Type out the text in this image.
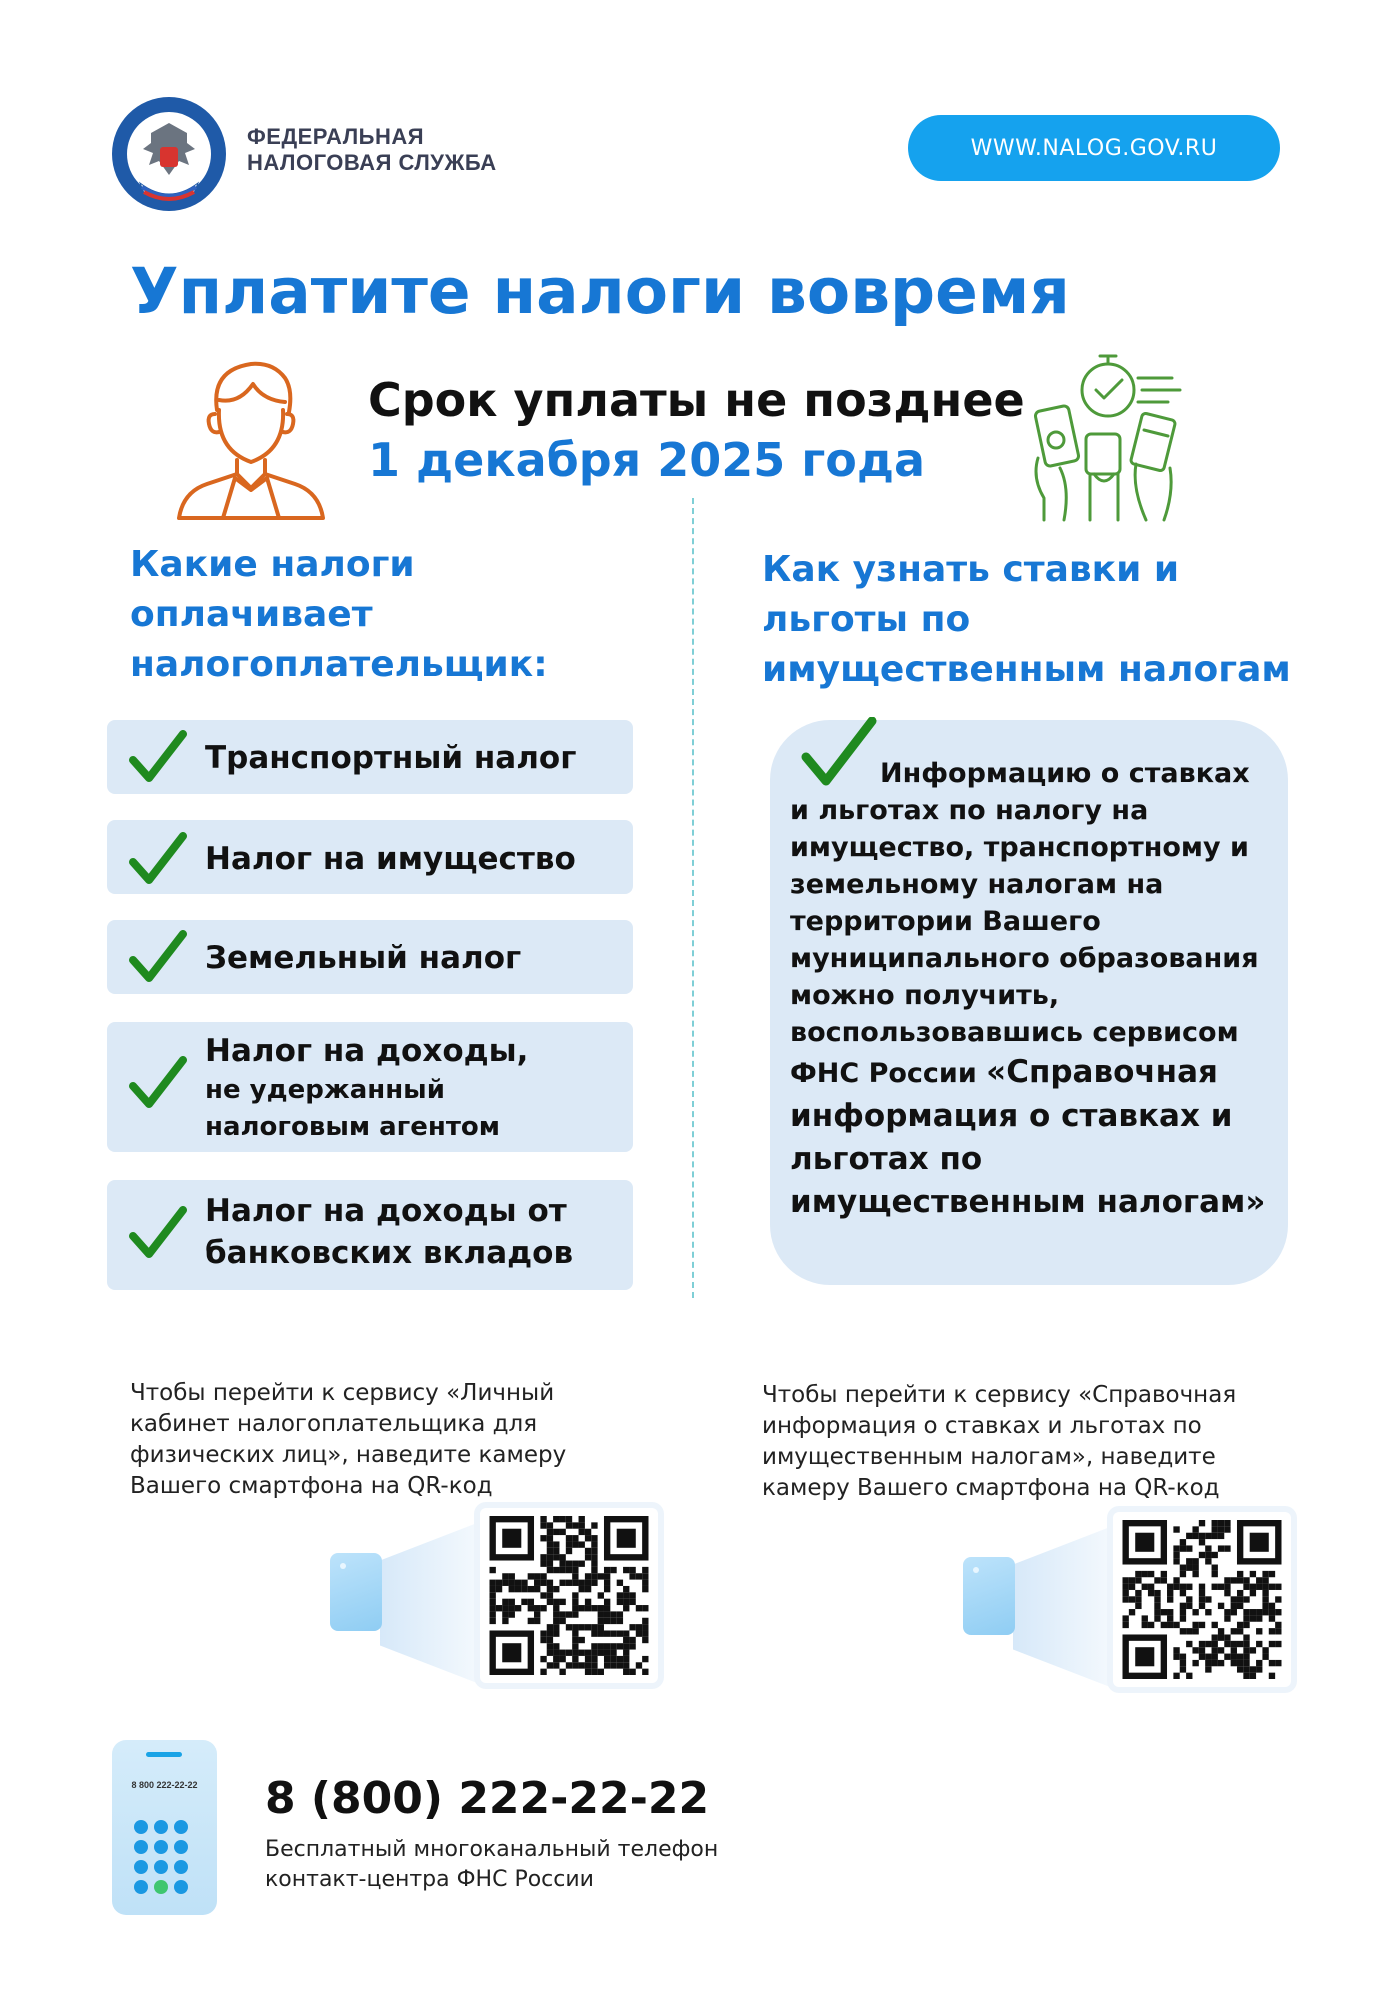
ФЕДЕРАЛЬНАЯ
НАЛОГОВАЯ СЛУЖБА
WWW.NALOG.GOV.RU
Уплатите налоги вовремя
Срок уплаты не позднее
1 декабря 2025 года
Какие налоги
оплачивает
налогоплательщик:
Транспортный налог
Налог на имущество
Земельный налог
Налог на доходы,
не удержанный
налоговым агентом
Налог на доходы от
банковских вкладов
Как узнать ставки и
льготы по
имущественным налогам
Информацию о ставках
и льготах по налогу на
имущество, транспортному и
земельному налогам на
территории Вашего
муниципального образования
можно получить,
воспользовавшись сервисом
ФНС России «Справочная
информация о ставках и
льготах по
имущественным налогам»
Чтобы перейти к сервису «Личный
кабинет налогоплательщика для
физических лиц», наведите камеру
Вашего смартфона на QR-код
Чтобы перейти к сервису «Справочная
информация о ставках и льготах по
имущественным налогам», наведите
камеру Вашего смартфона на QR-код
8 800 222-22-22	8 (800) 222-22-22
Бесплатный многоканальный телефон
контакт-центра ФНС России
